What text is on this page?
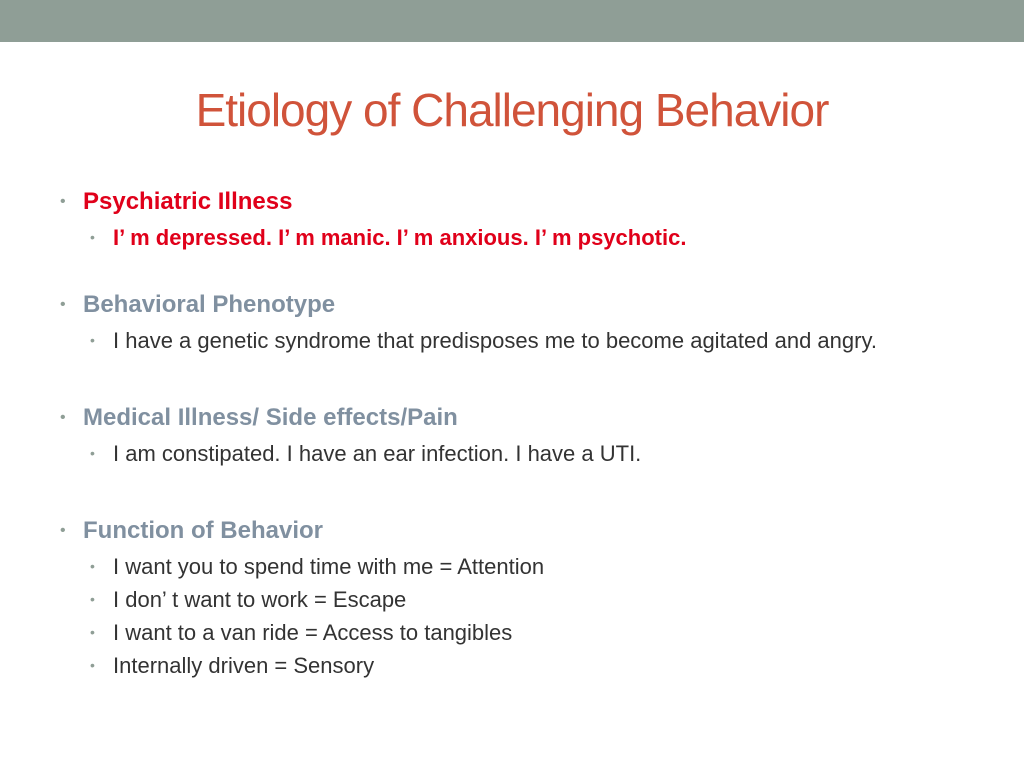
Etiology of Challenging Behavior
• Psychiatric Illness
• I’ m depressed. I’ m manic. I’ m anxious. I’ m psychotic.
• Behavioral Phenotype
• I have a genetic syndrome that predisposes me to become agitated and angry.
• Medical Illness/ Side effects/Pain
• I am constipated. I have an ear infection. I have a UTI.
• Function of Behavior
• I want you to spend time with me = Attention
• I don’ t want to work = Escape
• I want to a van ride = Access to tangibles
• Internally driven = Sensory
